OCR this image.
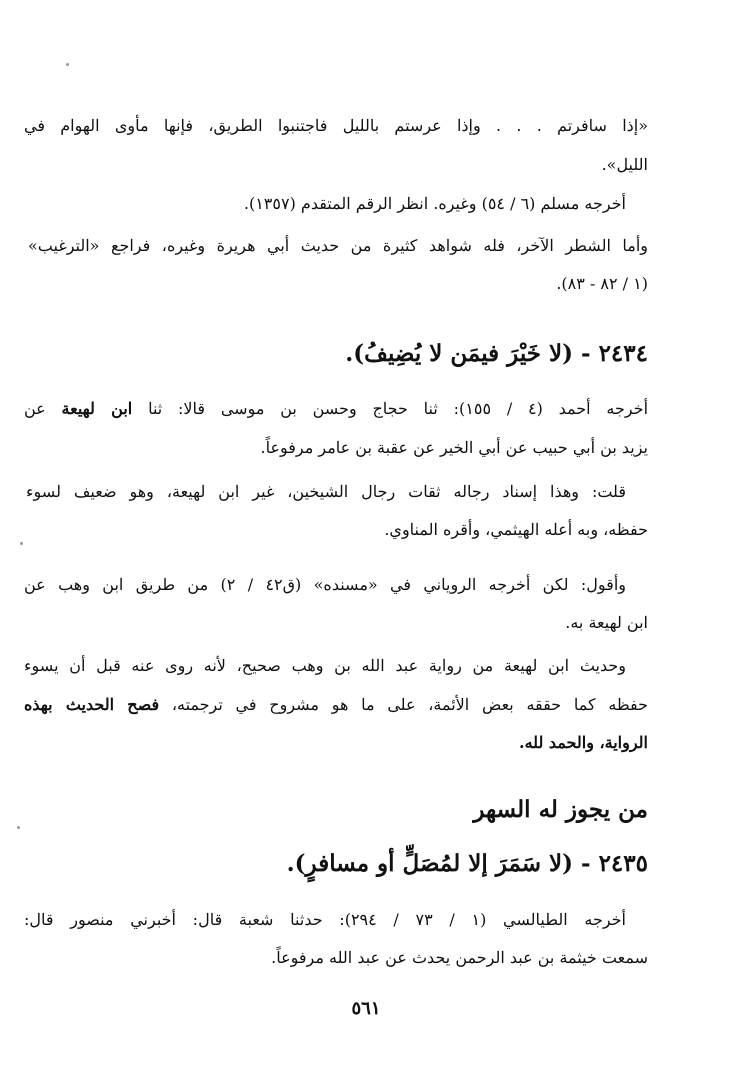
«إذا سافرتم . . . وإذا عرستم بالليل فاجتنبوا الطريق، فإنها مأوى الهوام في

الليل».

أخرجه مسلم (٦ / ٥٤) وغيره. انظر الرقم المتقدم (١٣٥٧).

وأما الشطر الآخر، فله شواهد كثيرة من حديث أبي هريرة وغيره، فراجع «الترغيب»

(١ / ٨٢ - ٨٣).

٢٤٣٤ - (لا خَيْرَ فيمَن لا يُضِيفُ).
أخرجه أحمد (٤ / ١٥٥): ثنا حجاج وحسن بن موسى قالا: ثنا ابن لهيعة عن

يزيد بن أبي حبيب عن أبي الخير عن عقبة بن عامر مرفوعاً.

قلت: وهذا إسناد رجاله ثقات رجال الشيخين، غير ابن لهيعة، وهو ضعيف لسوء

حفظه، وبه أعله الهيثمي، وأقره المناوي.

وأقول: لكن أخرجه الروياني في «مسنده» (ق٤٢ / ٢) من طريق ابن وهب عن

ابن لهيعة به.

وحديث ابن لهيعة من رواية عبد الله بن وهب صحيح، لأنه روى عنه قبل أن يسوء

حفظه كما حققه بعض الأئمة، على ما هو مشروح في ترجمته، فصح الحديث بهذه

الرواية، والحمد لله.

من يجوز له السهر
٢٤٣٥ - (لا سَمَرَ إلا لمُصَلٍّ أو مسافرٍ).

أخرجه الطيالسي (١ / ٧٣ / ٢٩٤): حدثنا شعبة قال: أخبرني منصور قال:

سمعت خيثمة بن عبد الرحمن يحدث عن عبد الله مرفوعاً.

٥٦١
